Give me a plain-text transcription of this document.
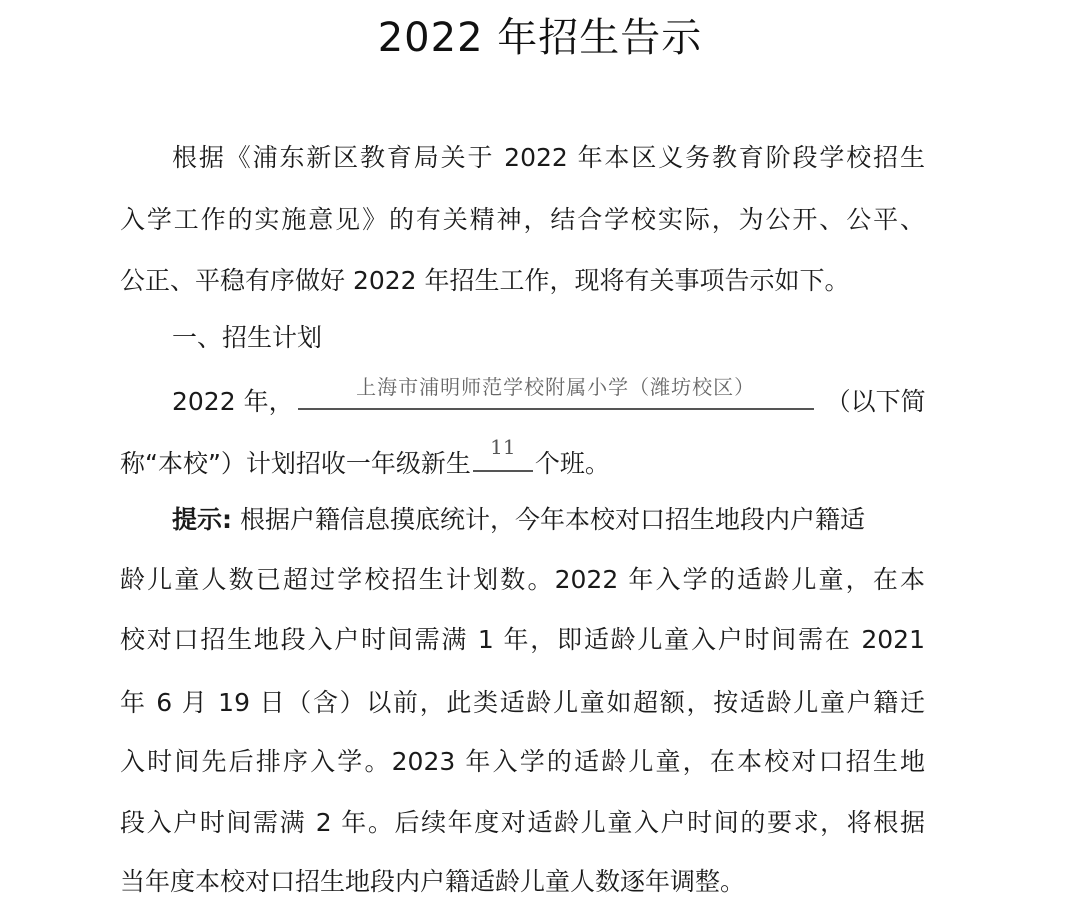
2022 年招生告示
根据《浦东新区教育局关于 2022 年本区义务教育阶段学校招生
入学工作的实施意见》的有关精神，结合学校实际，为公开、公平、
公正、平稳有序做好 2022 年招生工作，现将有关事项告示如下。
一、招生计划
2022 年，	上海市浦明师范学校附属小学（潍坊校区）	（以下简
称“本校”）计划招收一年级新生
11
个班。
提示: 根据户籍信息摸底统计，今年本校对口招生地段内户籍适
龄儿童人数已超过学校招生计划数。2022 年入学的适龄儿童，在本
校对口招生地段入户时间需满 1 年，即适龄儿童入户时间需在 2021
年 6 月 19 日（含）以前，此类适龄儿童如超额，按适龄儿童户籍迁
入时间先后排序入学。2023 年入学的适龄儿童，在本校对口招生地
段入户时间需满 2 年。后续年度对适龄儿童入户时间的要求，将根据
当年度本校对口招生地段内户籍适龄儿童人数逐年调整。
